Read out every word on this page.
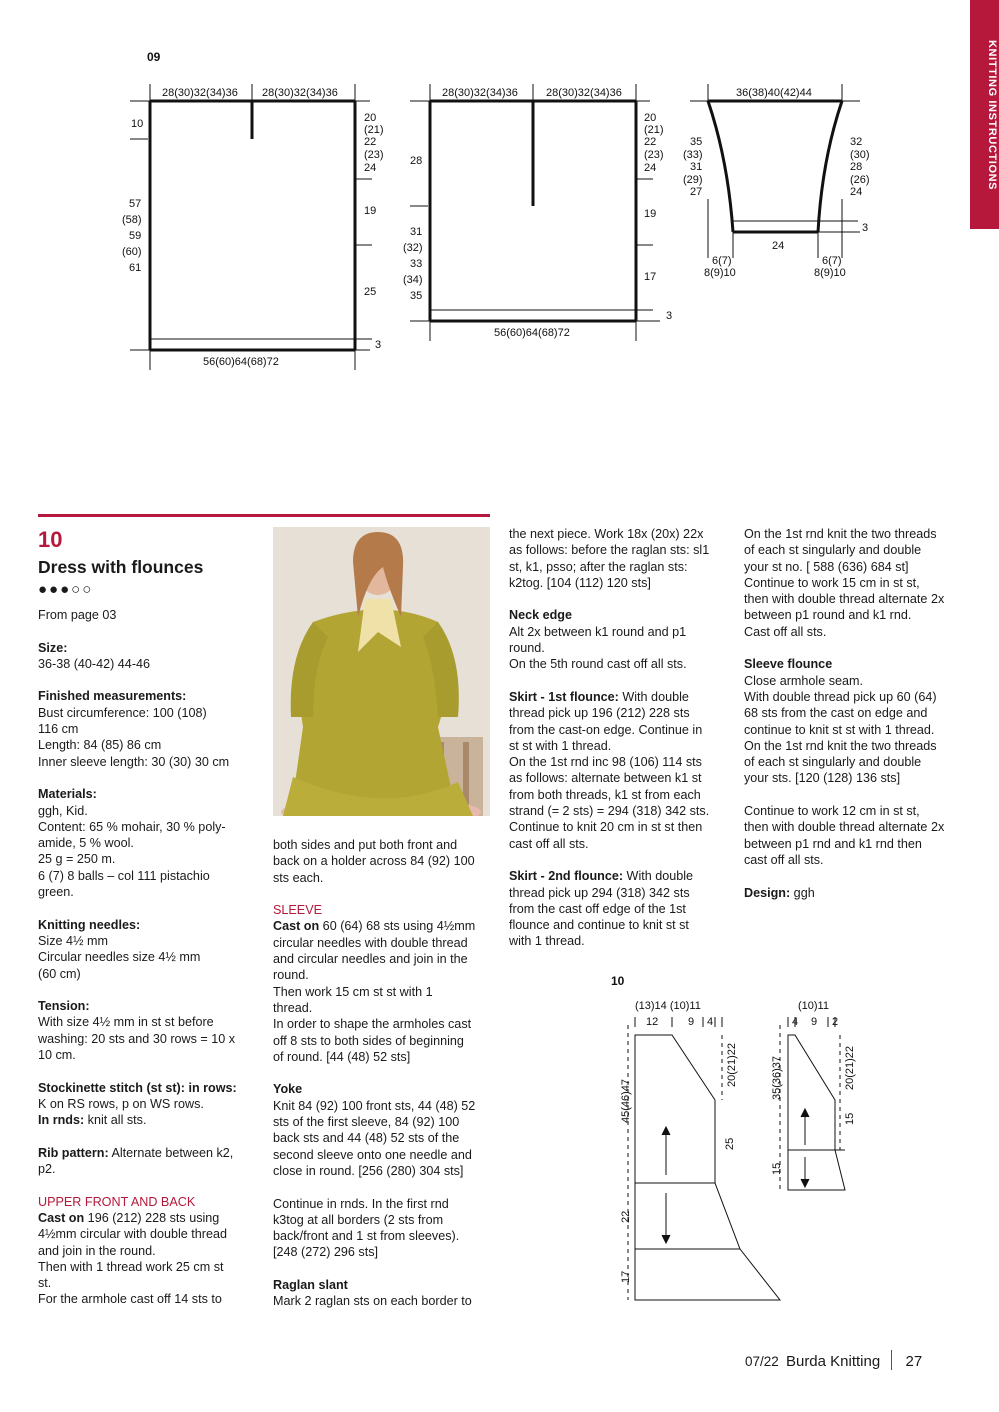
KNITTING INSTRUCTIONS
09
28(30)32(34)36 28(30)32(34)36
10
57
(58)
59
(60)
61
20
(21)
22
(23)
24
19
25
3
56(60)64(68)72
28(30)32(34)36	28(30)32(34)36
28
31
(32)
33
(34)
35
20
(21)
22
(23)
24
19
17
3
56(60)64(68)72
36(38)40(42)44
35
(33)
31
(29)
27
32
(30)
28
(26)
24
3
24
6(7)
8(9)10
6(7)
8(9)10
10
Dress with flounces
●●●○○

From page 03

Size:
36-38 (40-42) 44-46

Finished measurements:
Bust circumference: 100 (108)
116 cm
Length: 84 (85) 86 cm
Inner sleeve length: 30 (30) 30 cm

Materials:
ggh, Kid.
Content: 65 % mohair, 30 % poly-
amide, 5 % wool.
25 g = 250 m.
6 (7) 8 balls – col 111 pistachio
green.

Knitting needles:
Size 4½ mm
Circular needles size 4½ mm
(60 cm)

Tension:
With size 4½ mm in st st before
washing: 20 sts and 30 rows = 10 x
10 cm.

Stockinette stitch (st st): in rows:
K on RS rows, p on WS rows.
In rnds: knit all sts.

Rib pattern: Alternate between k2,
p2.

UPPER FRONT AND BACK
Cast on 196 (212) 228 sts using
4½mm circular with double thread
and join in the round.
Then with 1 thread work 25 cm st
st.
For the armhole cast off 14 sts to

both sides and put both front and
back on a holder across 84 (92) 100
sts each.

SLEEVE

Cast on 60 (64) 68 sts using 4½mm
circular needles with double thread
and circular needles and join in the
round.
Then work 15 cm st st with 1
thread.
In order to shape the armholes cast
off 8 sts to both sides of beginning
of round. [44 (48) 52 sts]

Yoke
Knit 84 (92) 100 front sts, 44 (48) 52
sts of the first sleeve, 84 (92) 100
back sts and 44 (48) 52 sts of the
second sleeve onto one needle and
close in round. [256 (280) 304 sts]

Continue in rnds. In the first rnd
k3tog at all borders (2 sts from
back/front and 1 st from sleeves).
[248 (272) 296 sts]

Raglan slant
Mark 2 raglan sts on each border to

the next piece. Work 18x (20x) 22x
as follows: before the raglan sts: sl1
st, k1, psso; after the raglan sts:
k2tog. [104 (112) 120 sts]

Neck edge
Alt 2x between k1 round and p1
round.
On the 5th round cast off all sts.

Skirt - 1st flounce: With double
thread pick up 196 (212) 228 sts
from the cast-on edge. Continue in
st st with 1 thread.
On the 1st rnd inc 98 (106) 114 sts
as follows: alternate between k1 st
from both threads, k1 st from each
strand (= 2 sts) = 294 (318) 342 sts.
Continue to knit 20 cm in st st then
cast off all sts.

Skirt - 2nd flounce: With double
thread pick up 294 (318) 342 sts
from the cast off edge of the 1st
flounce and continue to knit st st
with 1 thread.

On the 1st rnd knit the two threads
of each st singularly and double
your st no. [ 588 (636) 684 st]
Continue to work 15 cm in st st,
then with double thread alternate 2x
between p1 round and k1 rnd.
Cast off all sts.

Sleeve flounce
Close armhole seam.
With double thread pick up 60 (64)
68 sts from the cast on edge and
continue to knit st st with 1 thread.
On the 1st rnd knit the two threads
of each st singularly and double
your sts. [120 (128) 136 sts]

Continue to work 12 cm in st st,
then with double thread alternate 2x
between p1 rnd and k1 rnd then
cast off all sts.

Design: ggh
10
(13)14 (10)11
12	9 4
45(46)47
22
17
20(21)22
25
(10)11
4 9 2
35(36)37
15
20(21)22
15
07/22 Burda Knitting 27
